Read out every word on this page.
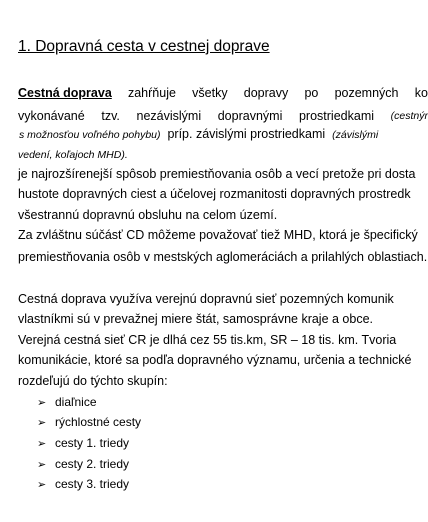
1. Dopravná cesta v cestnej doprave
Cestná doprava zahŕňuje všetky dopravy po pozemných ko
vykonávané tzv. nezávislými dopravnými prostriedkami (cestnýr
s možnosťou voľného pohybu) príp. závislými prostriedkami (závislými
vedení, koľajoch MHD).
je najrozšírenejší spôsob premiestňovania osôb a vecí pretože pri dosta
hustote dopravných ciest a účelovej rozmanitosti dopravných prostredk
všestrannú dopravnú obsluhu na celom území.
Za zvláštnu súčásť CD môžeme považovať tiež MHD, ktorá je špecifický
premiestňovania osôb v mestských aglomeráciách a prilahlých oblastiach.
Cestná doprava využíva verejnú dopravnú sieť pozemných komunik
vlastníkmi sú v prevažnej miere štát, samosprávne kraje a obce.
Verejná cestná sieť CR je dlhá cez 55 tis.km, SR – 18 tis. km. Tvoria
komunikácie, ktoré sa podľa dopravného významu, určenia a technické
rozdeľujú do týchto skupín:
➢ diaľnice
➢ rýchlostné cesty
➢ cesty 1. triedy
➢ cesty 2. triedy
➢ cesty 3. triedy
